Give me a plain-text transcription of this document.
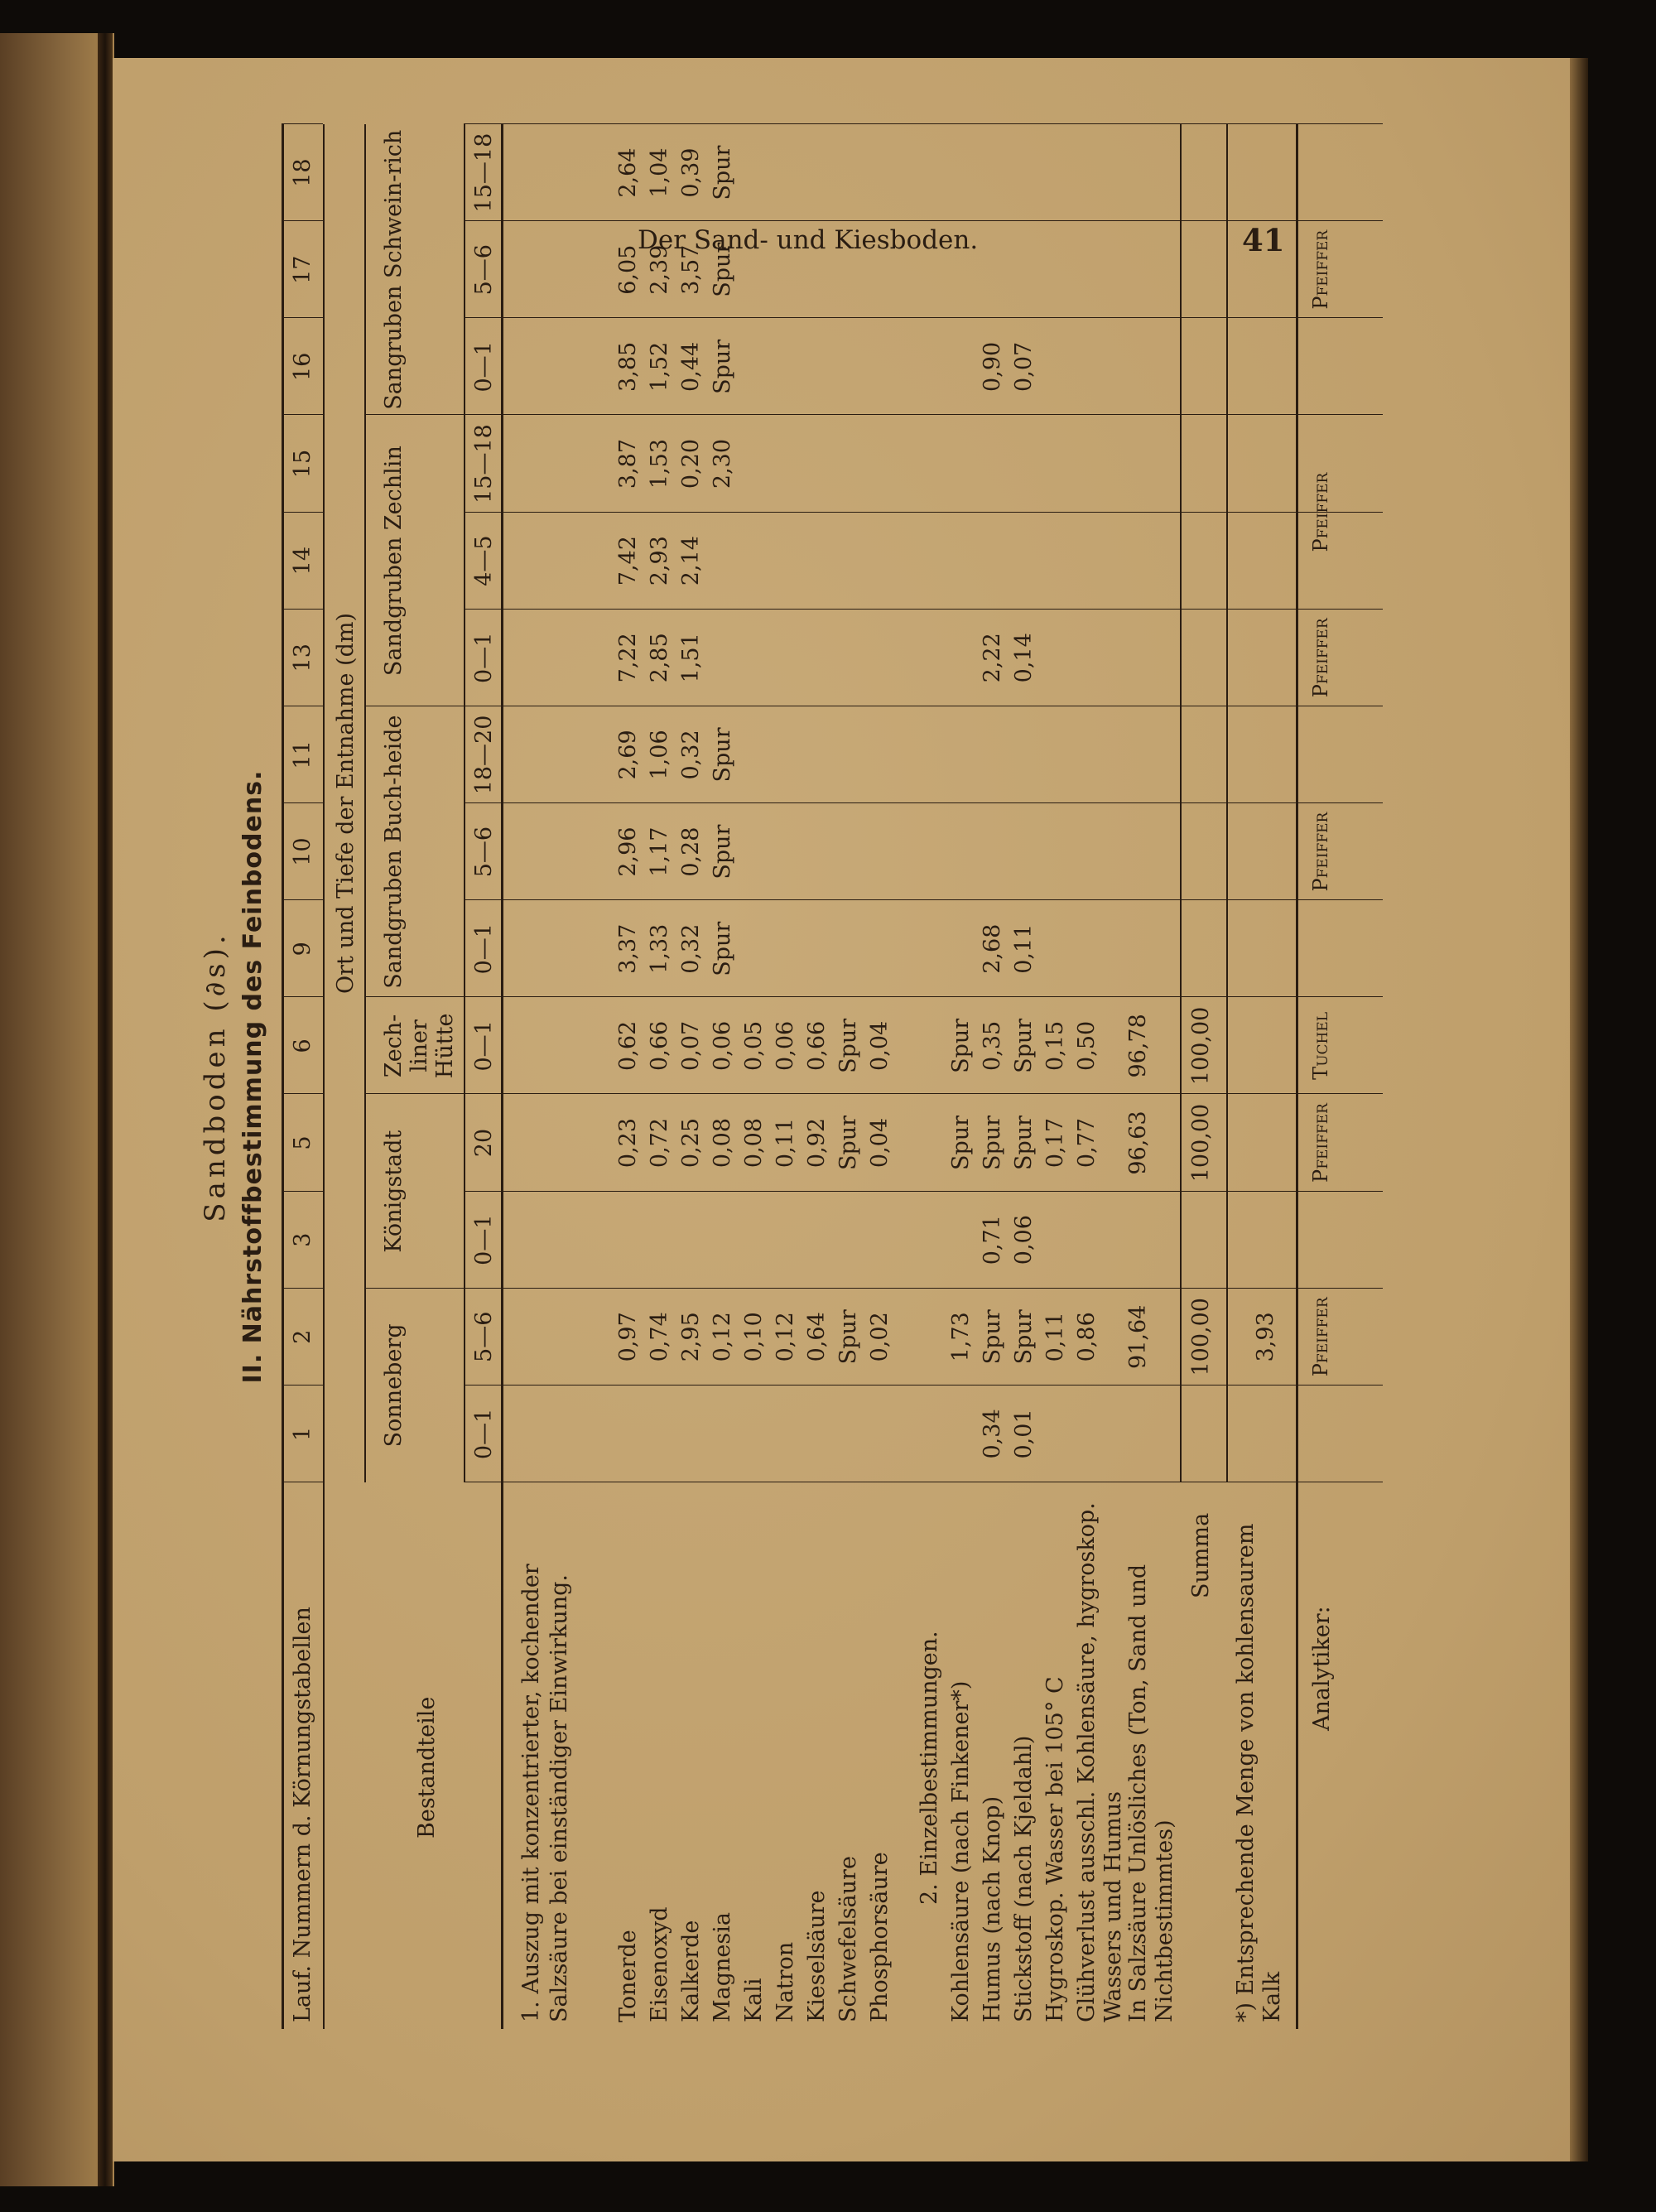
Der Sand- und Kiesboden.	41
Sandboden (∂s). II. Nährstoffbestimmung des Feinbodens.
1
2
3
5
6
9
10
11
13
14
15
16
17
18
Lauf. Nummern d. Körnungstabellen	Bestandteile
Ort und Tiefe der Entnahme (dm)
Sonneberg
Königstadt
Zech-liner Hütte
Sandgruben Buch-heide
Sandgruben Zechlin
Sangruben Schwein-rich
0—1
5—6
0—1
20
0—1
0—1
5—6
18—20
0—1
4—5
15—18
0—1
5—6
15—18
1. Auszug mit konzentrierter, kochender Salzsäure bei einständiger Einwirkung. Tonerde
0,97
0,23
0,62
3,37
2,96
2,69
7,22
7,42
3,87
3,85
6,05
2,64
Eisenoxyd
0,74
0,72
0,66
1,33
1,17
1,06
2,85
2,93
1,53
1,52
2,39
1,04
Kalkerde
2,95
0,25
0,07
0,32
0,28
0,32
1,51
2,14
0,20
0,44
3,57
0,39
Magnesia
0,12
0,08
0,06
Spur
Spur
Spur
2,30
Spur
Spur
Spur
Kali
0,10
0,08
0,05
Natron
0,12
0,11
0,06
Kieselsäure
0,64
0,92
0,66
Schwefelsäure
Spur
Spur
Spur
Phosphorsäure
0,02
0,04
0,04
2. Einzelbestimmungen. Kohlensäure (nach Finkener*)
1,73
Spur
Spur
Humus (nach Knop)
0,34
Spur
0,71
Spur
0,35
2,68
2,22
0,90
Stickstoff (nach Kjeldahl)
0,01
Spur
0,06
Spur
Spur
0,11
0,14
0,07
Hygroskop. Wasser bei 105° C
0,11
0,17
0,15
Glühverlust ausschl. Kohlensäure, hygroskop. Wassers und Humus
0,86
0,77
0,50
In Salzsäure Unlösliches (Ton, Sand und Nichtbestimmtes)
91,64
96,63
96,78
Summa
100,00
100,00
100,00
*) Entsprechende Menge von kohlensaurem Kalk
3,93
Analytiker:
Pfeiffer
Pfeiffer
Tuchel
Pfeiffer
Pfeiffer
Pfeiffer
Pfeiffer
